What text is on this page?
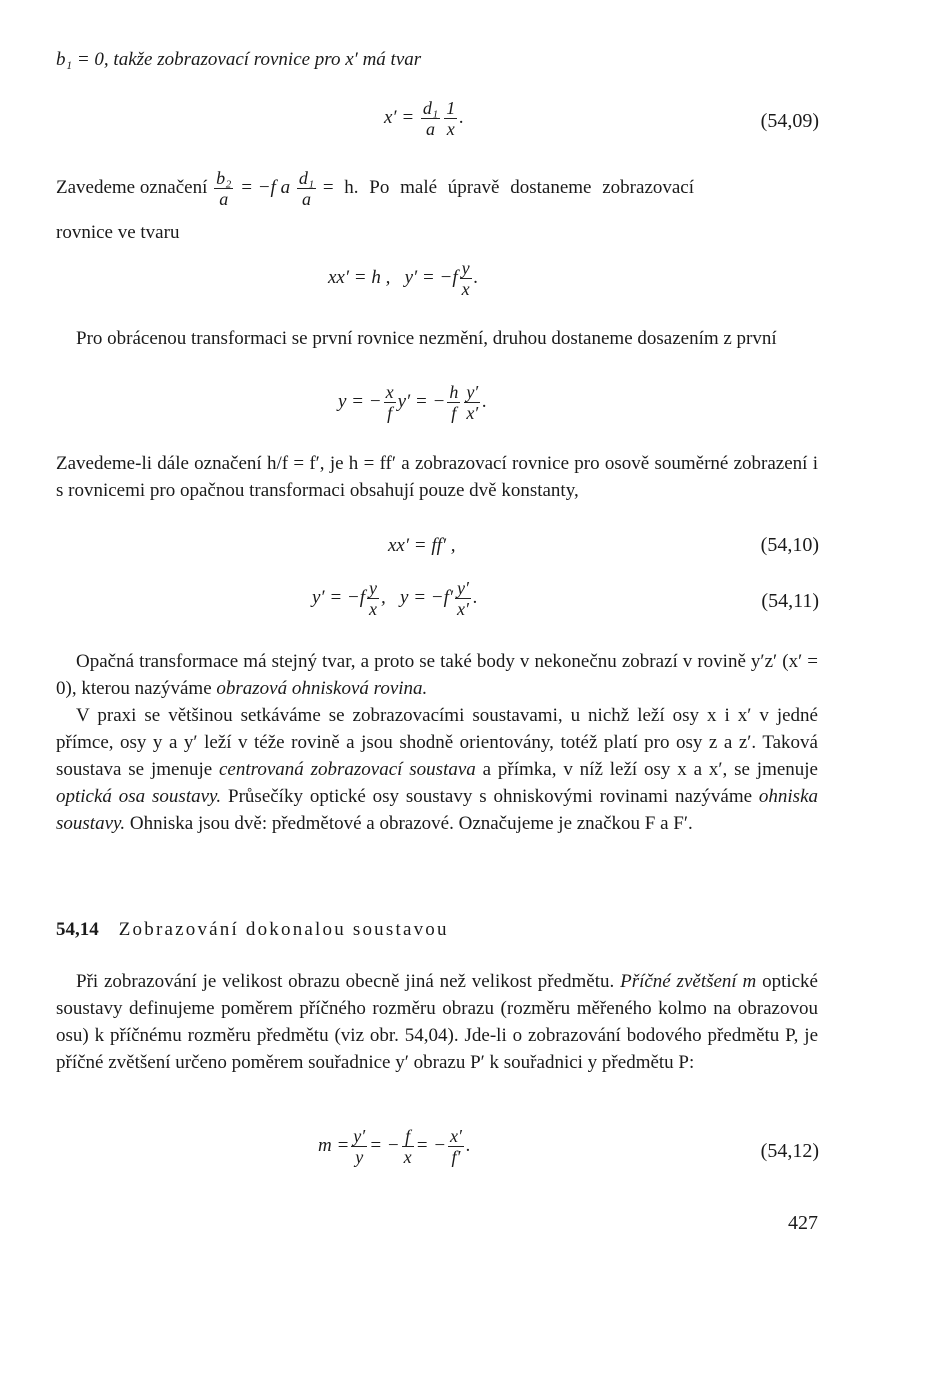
b₁ = 0, takže zobrazovací rovnice pro x′ má tvar
$x' = \frac{\text{d₁}}{a} \frac{1}{x}$ .	(54,09)
Zavedeme označení $\frac{\text{b₂}}{a} = -f$ a $\frac{\text{d₁}}{a} = h$. Po malé úpravě dostaneme zobrazovací
rovnice ve tvaru
xx′ = h ,   $y' = -f \frac{y}{x}$ .

Pro obrácenou transformaci se první rovnice nezmění, druhou dostaneme dosazením z první

y = − $\frac{x}{f} y'$ = − $\frac{h}{f} \frac{y'}{x'}$ .

Zavedeme-li dále označení h/f = f′, je h = ff′ a zobrazovací rovnice pro osově souměrné zobrazení i s rovnicemi pro opačnou transformaci obsahují pouze dvě konstanty,

xx′ = ff′ ,	(54,10)
$y' = -f \frac{y}{x}$ ,   $y = -f' \frac{y'}{x'}$ .	(54,11)

Opačná transformace má stejný tvar, a proto se také body v nekonečnu zobrazí v rovině y′z′ (x′ = 0), kterou nazýváme obrazová ohnisková rovina.

V praxi se většinou setkáváme se zobrazovacími soustavami, u nichž leží osy x i x′ v jedné přímce, osy y a y′ leží v téže rovině a jsou shodně orientovány, totéž platí pro osy z a z′. Taková soustava se jmenuje centrovaná zobrazovací soustava a přímka, v níž leží osy x a x′, se jmenuje optická osa soustavy. Průsečíky optické osy soustavy s ohniskovými rovinami nazýváme ohniska soustavy. Ohniska jsou dvě: předmětové a obrazové. Označujeme je značkou F a F′.

54,14 Zobrazování dokonalou soustavou

Při zobrazování je velikost obrazu obecně jiná než velikost předmětu. Příčné zvětšení m optické soustavy definujeme poměrem příčného rozměru obrazu (rozměru měřeného kolmo na obrazovou osu) k příčnému rozměru předmětu (viz obr. 54,04). Jde-li o zobrazování bodového předmětu P, je příčné zvětšení určeno poměrem souřadnice y′ obrazu P′ k souřadnici y předmětu P:

$m = \frac{y'}{y}$ = − $\frac{f}{x}$ = − $\frac{x'}{f'}$ .	(54,12)
427
